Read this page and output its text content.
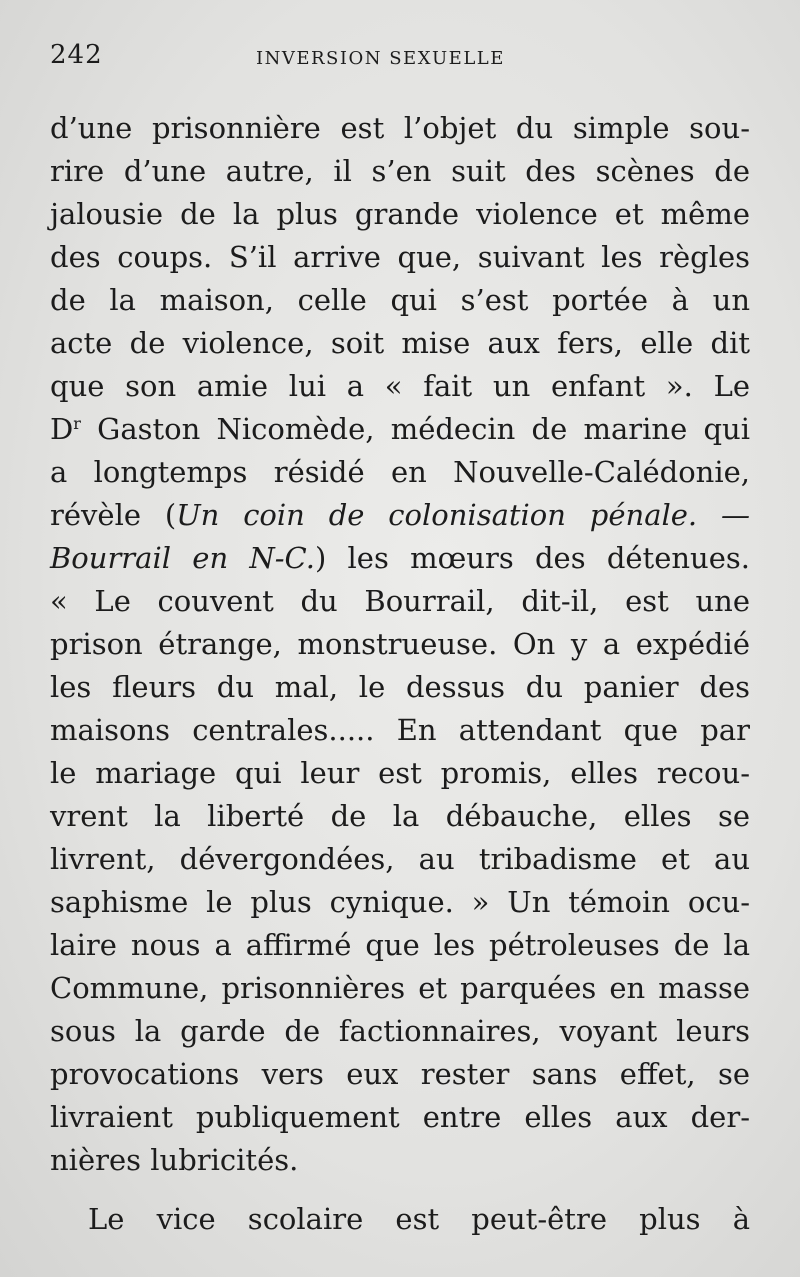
242	INVERSION SEXUELLE
d’une prisonnière est l’objet du simple sou-
rire d’une autre, il s’en suit des scènes de
jalousie de la plus grande violence et même
des coups. S’il arrive que, suivant les règles
de la maison, celle qui s’est portée à un
acte de violence, soit mise aux fers, elle dit
que son amie lui a « fait un enfant ». Le
$D^r$ Gaston Nicomède, médecin de marine qui
a longtemps résidé en Nouvelle-Calédonie,
révèle (Un coin de colonisation pénale. —
Bourrail en N-C.) les mœurs des détenues.
« Le couvent du Bourrail, dit-il, est une
prison étrange, monstrueuse. On y a expédié
les fleurs du mal, le dessus du panier des
maisons centrales..... En attendant que par
le mariage qui leur est promis, elles recou-
vrent la liberté de la débauche, elles se
livrent, dévergondées, au tribadisme et au
saphisme le plus cynique. » Un témoin ocu-
laire nous a affirmé que les pétroleuses de la
Commune, prisonnières et parquées en masse
sous la garde de factionnaires, voyant leurs
provocations vers eux rester sans effet, se
livraient publiquement entre elles aux der-
nières lubricités.
Le vice scolaire est peut-être plus à
